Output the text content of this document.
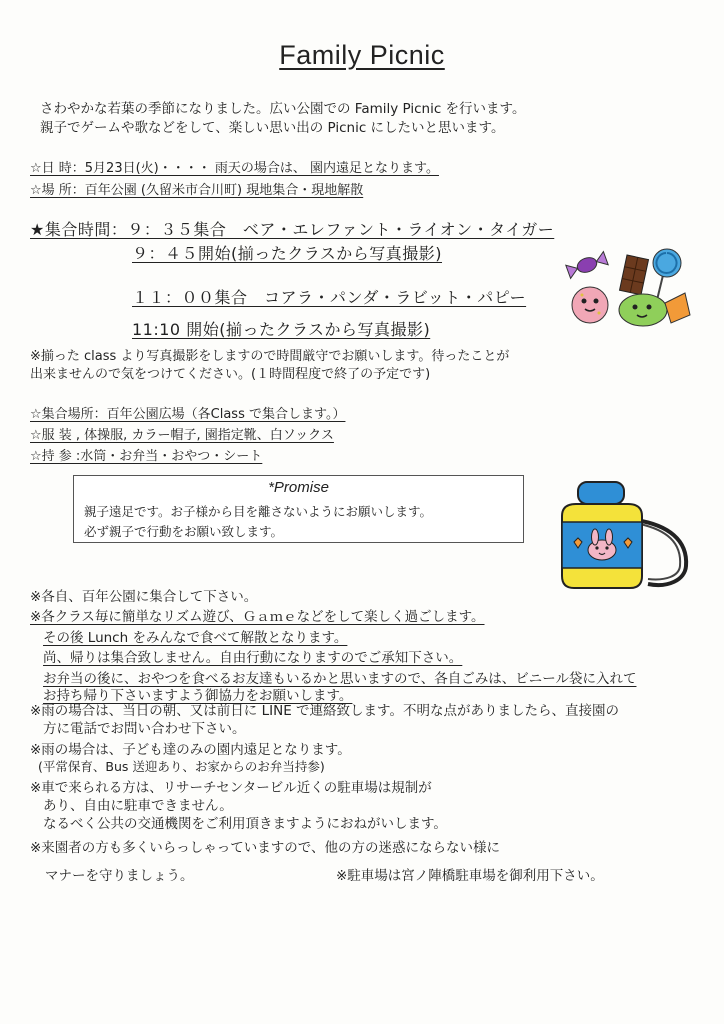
Family Picnic
さわやかな若葉の季節になりました。広い公園での Family Picnic を行います。
親子でゲームや歌などをして、楽しい思い出の Picnic にしたいと思います。
☆日 時：5月23日(火)・・・・ 雨天の場合は、 園内遠足となります。
☆場 所：百年公園 (久留米市合川町) 現地集合・現地解散
★集合時間：９：３５集合　ベア・エレファント・ライオン・タイガー
９：４５開始(揃ったクラスから写真撮影)
１１：００集合　コアラ・パンダ・ラビット・パピー
11:10 開始(揃ったクラスから写真撮影)
※揃った class より写真撮影をしますので時間厳守でお願いします。待ったことが
出来ませんので気をつけてください。(１時間程度で終了の予定です)
☆集合場所：百年公園広場（各Class で集合します。）
☆服 装 , 体操服, カラー帽子, 園指定靴、白ソックス
☆持 参 :水筒・お弁当・おやつ・シート
*Promise
親子遠足です。お子様から目を離さないようにお願いします。
必ず親子で行動をお願い致します。
※各自、百年公園に集合して下さい。
※各クラス毎に簡単なリズム遊び、Ｇａｍｅなどをして楽しく過ごします。
その後 Lunch をみんなで食べて解散となります。
尚、帰りは集合致しません。自由行動になりますのでご承知下さい。
お弁当の後に、おやつを食べるお友達もいるかと思いますので、各自ごみは、ビニール袋に入れて
お持ち帰り下さいますよう御協力をお願いします。
※雨の場合は、当日の朝、又は前日に LINE で連絡致します。不明な点がありましたら、直接園の
方に電話でお問い合わせ下さい。
※雨の場合は、子ども達のみの園内遠足となります。
(平常保育、Bus 送迎あり、お家からのお弁当持参)
※車で来られる方は、リサーチセンタービル近くの駐車場は規制が
あり、自由に駐車できません。
なるべく公共の交通機関をご利用頂きますようにおねがいします。
※来園者の方も多くいらっしゃっていますので、他の方の迷惑にならない様に
マナーを守りましょう。	※駐車場は宮ノ陣橋駐車場を御利用下さい。
